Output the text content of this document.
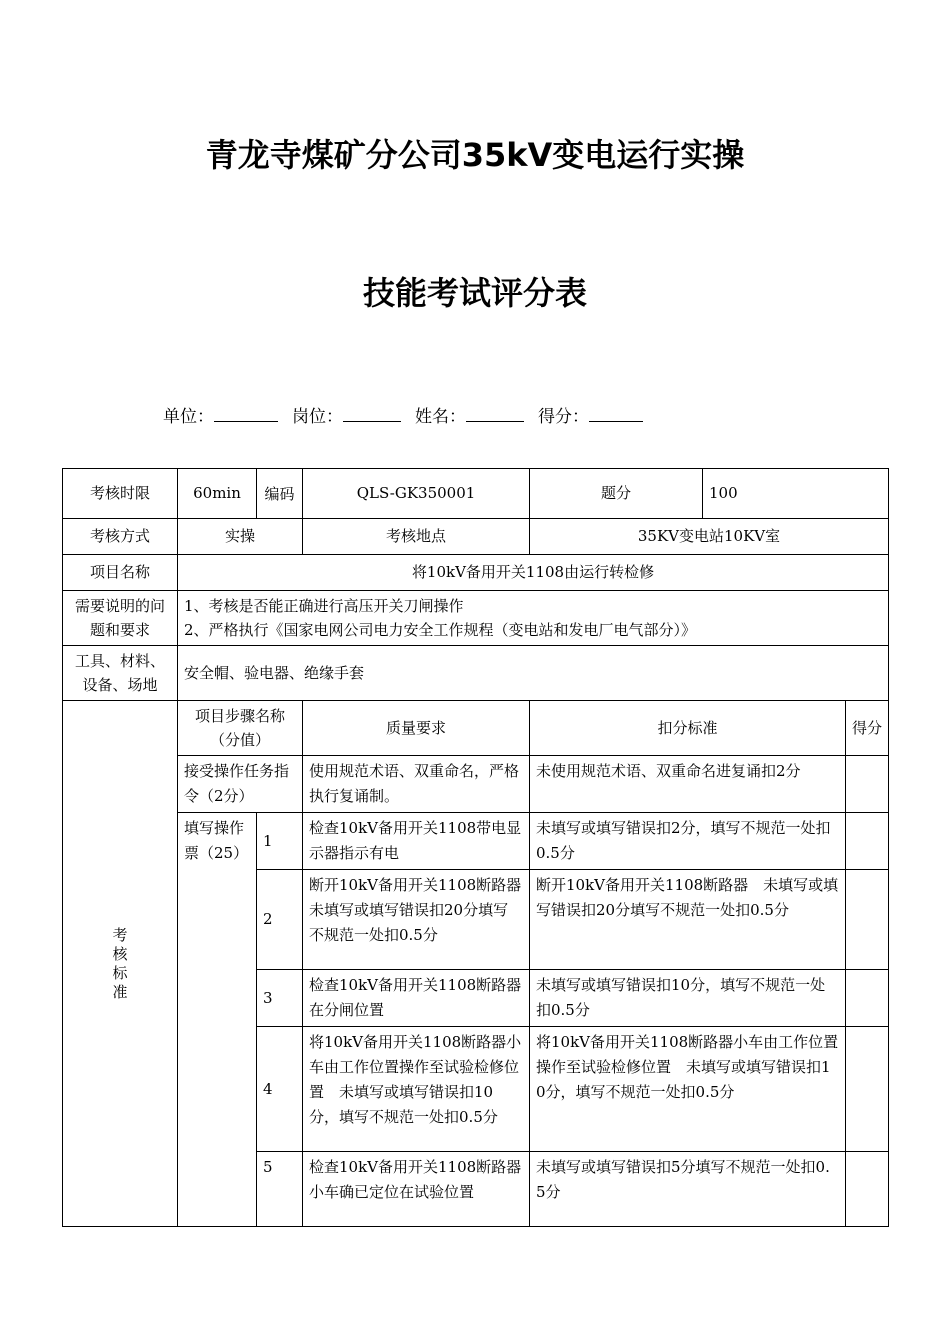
青龙寺煤矿分公司35kV变电运行实操
技能考试评分表
单位：	岗位：	姓名：	得分：
考核时限	60min	编码	QLS-GK350001	题分	100	
考核方式	实操		考核地点	35KV变电站10KV室		
项目名称	将10kV备用开关1108由运行转检修					
需要说明的问题和要求	1、考核是否能正确进行高压开关刀闸操作
2、严格执行《国家电网公司电力安全工作规程（变电站和发电厂电气部分）》					

工具、材料、设备、场地	安全帽、验电器、绝缘手套					

考
核
标
准	项目步骤名称（分值）		质量要求	扣分标准		得分
	接受操作任务指令（2分）		使用规范术语、双重命名，严格执行复诵制。	未使用规范术语、双重命名进复诵扣2分		
	填写操作票（25）	1	检查10kV备用开关1108带电显示器指示有电	未填写或填写错误扣2分，填写不规范一处扣0.5分		
		2	断开10kV备用开关1108断路器　未填写或填写错误扣20分填写不规范一处扣0.5分	断开10kV备用开关1108断路器　未填写或填写错误扣20分填写不规范一处扣0.5分		
		3	检查10kV备用开关1108断路器在分闸位置	未填写或填写错误扣10分，填写不规范一处扣0.5分		
		4	将10kV备用开关1108断路器小车由工作位置操作至试验检修位置　未填写或填写错误扣10分，填写不规范一处扣0.5分	将10kV备用开关1108断路器小车由工作位置操作至试验检修位置　未填写或填写错误扣10分，填写不规范一处扣0.5分		
		5	检查10kV备用开关1108断路器小车确已定位在试验位置	未填写或填写错误扣5分填写不规范一处扣0.5分		
